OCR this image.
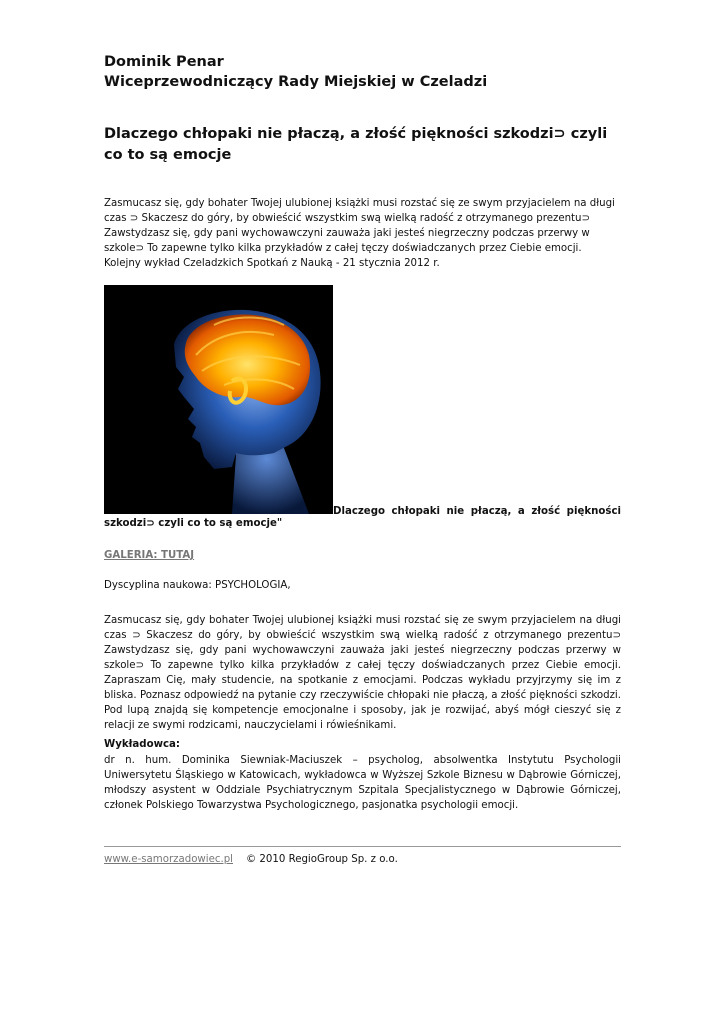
Dominik Penar
Wiceprzewodniczący Rady Miejskiej w Czeladzi
Dlaczego chłopaki nie płaczą, a złość piękności szkodzi⊃ czyli co to są emocje

Zasmucasz się, gdy bohater Twojej ulubionej książki musi rozstać się ze swym przyjacielem na długi czas ⊃ Skaczesz do góry, by obwieścić wszystkim swą wielką radość z otrzymanego prezentu⊃ Zawstydzasz się, gdy pani wychowawczyni zauważa jaki jesteś niegrzeczny podczas przerwy w szkole⊃ To zapewne tylko kilka przykładów z całej tęczy doświadczanych przez Ciebie emocji. Kolejny wykład Czeladzkich Spotkań z Nauką - 21 stycznia 2012 r.

Dlaczego chłopaki nie płaczą, a złość piękności
szkodzi⊃ czyli co to są emocje"
GALERIA: TUTAJ

Dyscyplina naukowa: PSYCHOLOGIA,

Zasmucasz się, gdy bohater Twojej ulubionej książki musi rozstać się ze swym przyjacielem na długi czas ⊃ Skaczesz do góry, by obwieścić wszystkim swą wielką radość z otrzymanego prezentu⊃ Zawstydzasz się, gdy pani wychowawczyni zauważa jaki jesteś niegrzeczny podczas przerwy w szkole⊃ To zapewne tylko kilka przykładów z całej tęczy doświadczanych przez Ciebie emocji. Zapraszam Cię, mały studencie, na spotkanie z emocjami. Podczas wykładu przyjrzymy się im z bliska. Poznasz odpowiedź na pytanie czy rzeczywiście chłopaki nie płaczą, a złość piękności szkodzi. Pod lupą znajdą się kompetencje emocjonalne i sposoby, jak je rozwijać, abyś mógł cieszyć się z relacji ze swymi rodzicami, nauczycielami i rówieśnikami.

Wykładowca:

dr n. hum. Dominika Siewniak-Maciuszek – psycholog, absolwentka Instytutu Psychologii Uniwersytetu Śląskiego w Katowicach, wykładowca w Wyższej Szkole Biznesu w Dąbrowie Górniczej, młodszy asystent w Oddziale Psychiatrycznym Szpitala Specjalistycznego w Dąbrowie Górniczej, członek Polskiego Towarzystwa Psychologicznego, pasjonatka psychologii emocji.

www.e-samorzadowiec.pl © 2010 RegioGroup Sp. z o.o.
